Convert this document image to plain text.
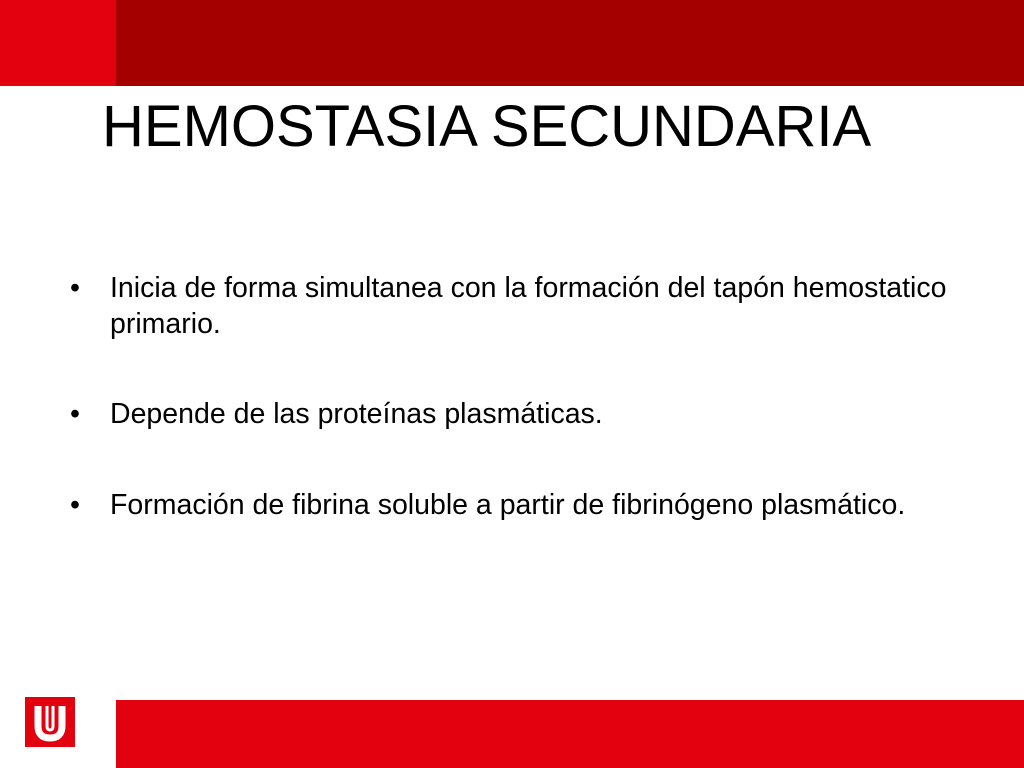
HEMOSTASIA SECUNDARIA
• Inicia de forma simultanea con la formación del tapón hemostatico primario.
• Depende de las proteínas plasmáticas.
• Formación de fibrina soluble a partir de fibrinógeno plasmático.
